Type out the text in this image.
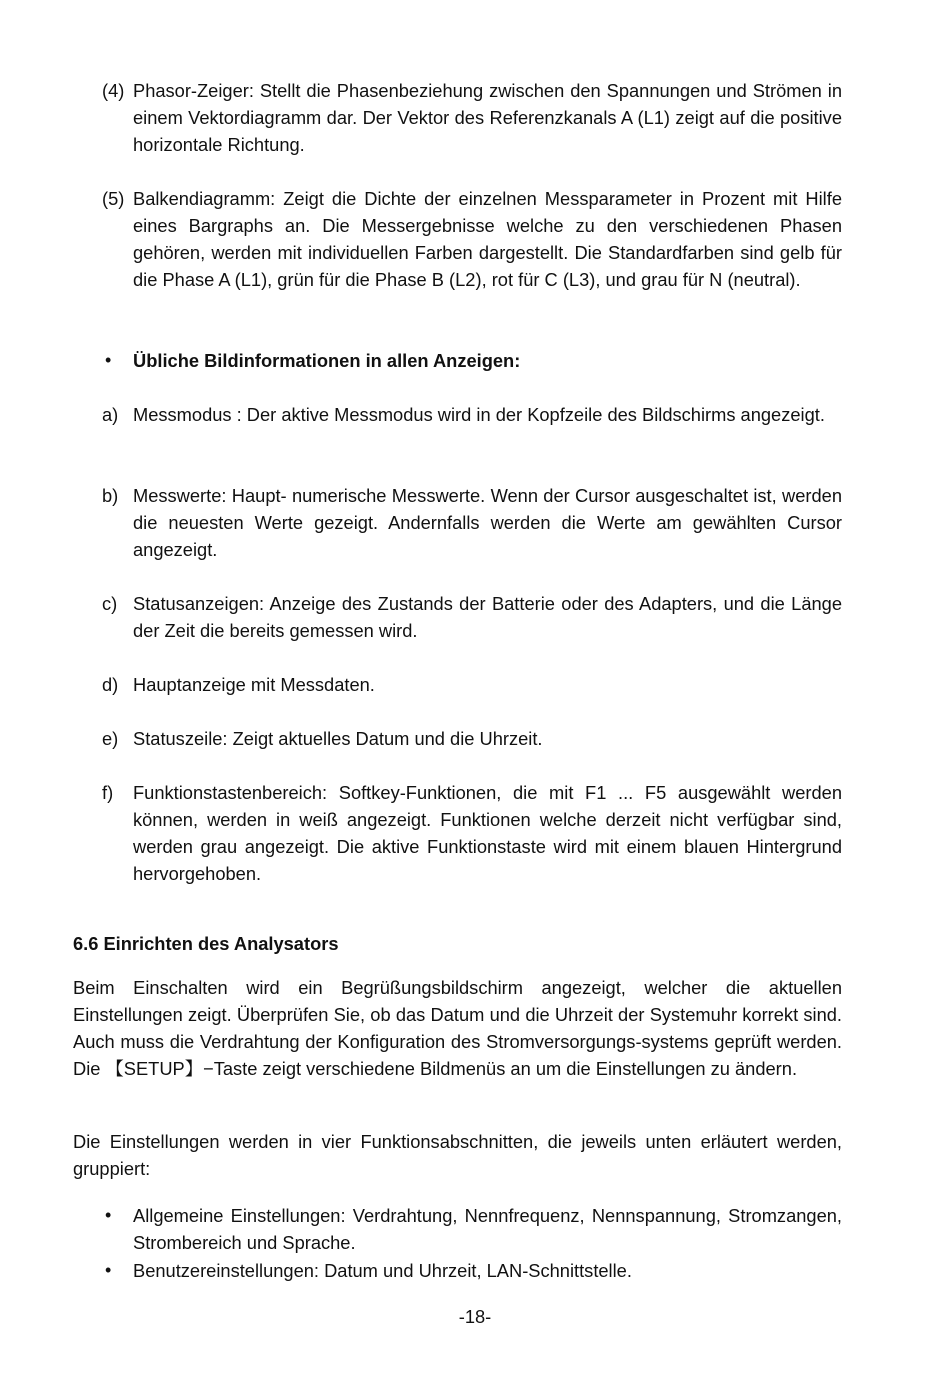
(4) Phasor-Zeiger: Stellt die Phasenbeziehung zwischen den Spannungen und Strömen in einem Vektordiagramm dar. Der Vektor des Referenzkanals A (L1) zeigt auf die positive horizontale Richtung.
(5) Balkendiagramm: Zeigt die Dichte der einzelnen Messparameter in Prozent mit Hilfe eines Bargraphs an. Die Messergebnisse welche zu den verschiedenen Phasen gehören, werden mit individuellen Farben dargestellt. Die Standardfarben sind gelb für die Phase A (L1), grün für die Phase B (L2), rot für C (L3), und grau für N (neutral).
• Übliche Bildinformationen in allen Anzeigen:
a) Messmodus : Der aktive Messmodus wird in der Kopfzeile des Bildschirms angezeigt.
b) Messwerte: Haupt- numerische Messwerte. Wenn der Cursor ausgeschaltet ist, werden die neuesten Werte gezeigt. Andernfalls werden die Werte am gewählten Cursor angezeigt.
c) Statusanzeigen: Anzeige des Zustands der Batterie oder des Adapters, und die Länge der Zeit die bereits gemessen wird.
d) Hauptanzeige mit Messdaten.
e) Statuszeile: Zeigt aktuelles Datum und die Uhrzeit.
f) Funktionstastenbereich: Softkey-Funktionen, die mit F1 ... F5 ausgewählt werden können, werden in weiß angezeigt. Funktionen welche derzeit nicht verfügbar sind, werden grau angezeigt. Die aktive Funktionstaste wird mit einem blauen Hintergrund hervorgehoben.
6.6 Einrichten des Analysators
Beim Einschalten wird ein Begrüßungsbildschirm angezeigt, welcher die aktuellen Einstellungen zeigt. Überprüfen Sie, ob das Datum und die Uhrzeit der Systemuhr korrekt sind. Auch muss die Verdrahtung der Konfiguration des Stromversorgungs-systems geprüft werden. Die 【SETUP】−Taste zeigt verschiedene Bildmenüs an um die Einstellungen zu ändern.
Die Einstellungen werden in vier Funktionsabschnitten, die jeweils unten erläutert werden, gruppiert:
• Allgemeine Einstellungen: Verdrahtung, Nennfrequenz, Nennspannung, Stromzangen, Strombereich und Sprache.
• Benutzereinstellungen: Datum und Uhrzeit, LAN-Schnittstelle.
-18-
